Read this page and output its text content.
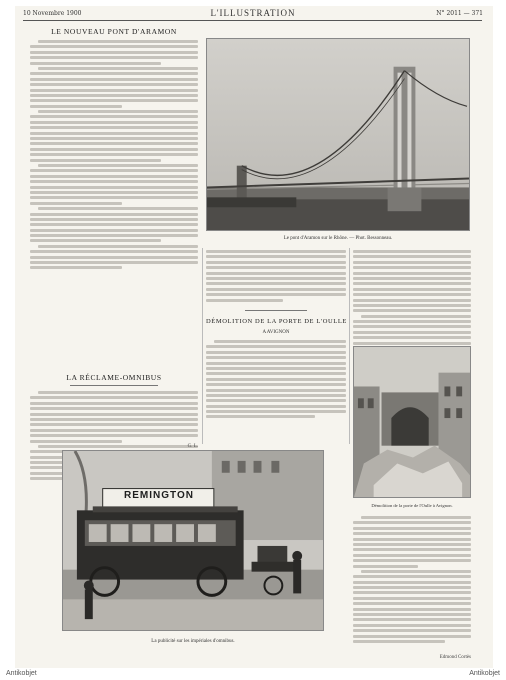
10 Novembre 1900	L'ILLUSTRATION	N° 2011 — 371
LE NOUVEAU PONT D'ARAMON
LA RÉCLAME-OMNIBUS
G. L.
Le pont d'Aramon sur le Rhône. — Phot. Bessonneau.
DÉMOLITION DE LA PORTE DE L'OULLE
A AVIGNON
Démolition de la porte de l'Oulle à Avignon.
Edmond Cortès
REMINGTON
La publicité sur les impériales d'omnibus.
Antikobjet	Antikobjet
